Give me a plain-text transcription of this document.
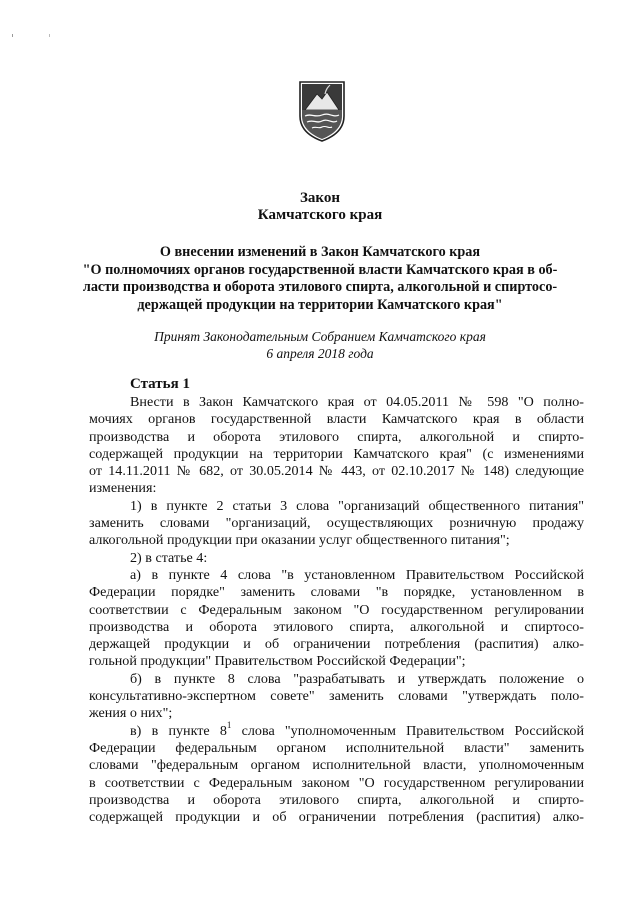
Закон
Камчатского края
О внесении изменений в Закон Камчатского края
"О полномочиях органов государственной власти Камчатского края в об-
ласти производства и оборота этилового спирта, алкогольной и спиртосо-
держащей продукции на территории Камчатского края"
Принят Законодательным Собранием Камчатского края
6 апреля 2018 года
Статья 1
Внести в Закон Камчатского края от 04.05.2011 № 598 "О полно-
мочиях органов государственной власти Камчатского края в области
производства и оборота этилового спирта, алкогольной и спирто-
содержащей продукции на территории Камчатского края" (с изменениями
от 14.11.2011 № 682, от 30.05.2014 № 443, от 02.10.2017 № 148) следующие
изменения:
1) в пункте 2 статьи 3 слова "организаций общественного питания"
заменить словами "организаций, осуществляющих розничную продажу
алкогольной продукции при оказании услуг общественного питания";
2) в статье 4:
а) в пункте 4 слова "в установленном Правительством Российской
Федерации порядке" заменить словами "в порядке, установленном в
соответствии с Федеральным законом "О государственном регулировании
производства и оборота этилового спирта, алкогольной и спиртосо-
держащей продукции и об ограничении потребления (распития) алко-
гольной продукции" Правительством Российской Федерации";
б) в пункте 8 слова "разрабатывать и утверждать положение о
консультативно-экспертном совете" заменить словами "утверждать поло-
жения о них";
в) в пункте $8^1$ слова "уполномоченным Правительством Российской
Федерации федеральным органом исполнительной власти" заменить
словами "федеральным органом исполнительной власти, уполномоченным
в соответствии с Федеральным законом "О государственном регулировании
производства и оборота этилового спирта, алкогольной и спирто-
содержащей продукции и об ограничении потребления (распития) алко-
